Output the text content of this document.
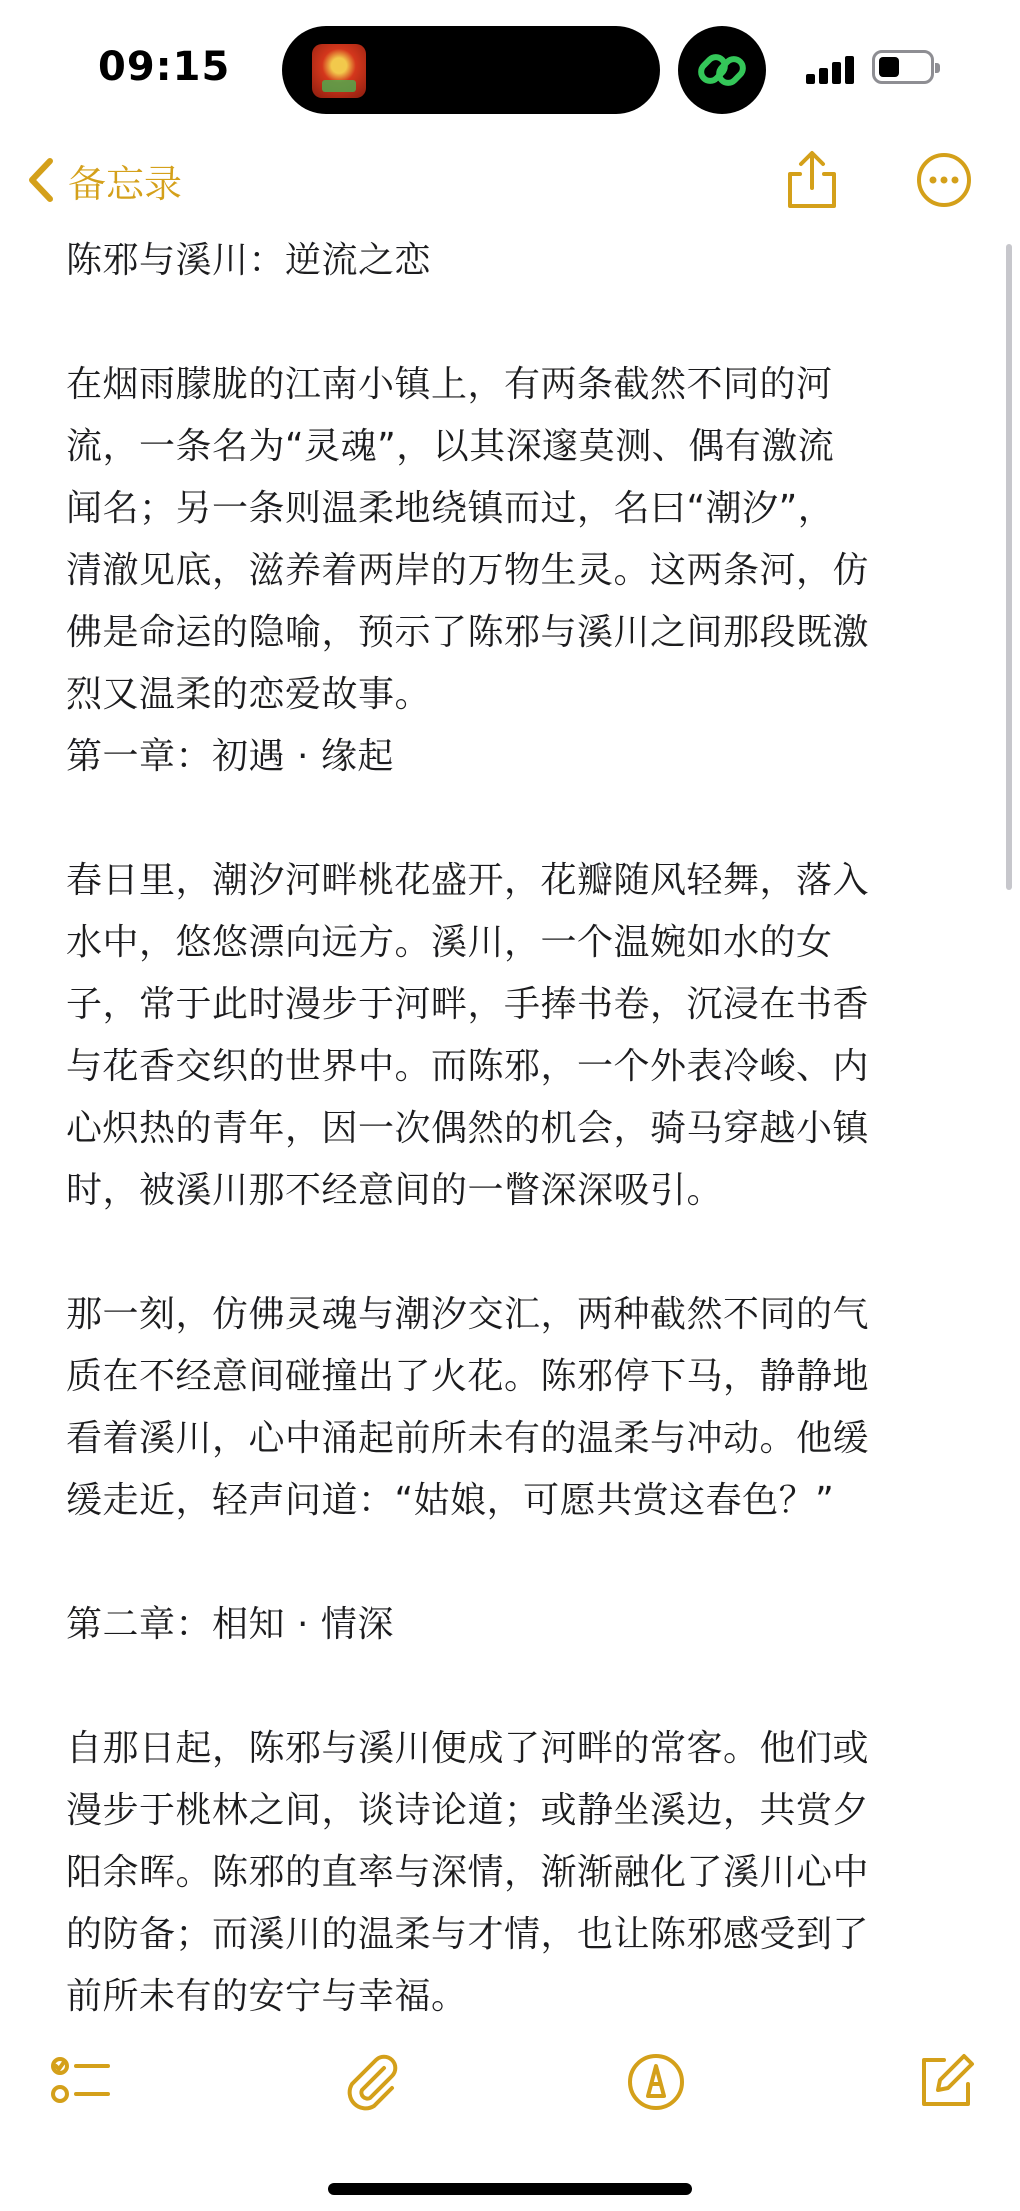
09:15
备忘录
陈邪与溪川：逆流之恋
在烟雨朦胧的江南小镇上，有两条截然不同的河
流，一条名为“灵魂”，以其深邃莫测、偶有激流
闻名；另一条则温柔地绕镇而过，名曰“潮汐”，
清澈见底，滋养着两岸的万物生灵。这两条河，仿
佛是命运的隐喻，预示了陈邪与溪川之间那段既激
烈又温柔的恋爱故事。
第一章：初遇 · 缘起
春日里，潮汐河畔桃花盛开，花瓣随风轻舞，落入
水中，悠悠漂向远方。溪川，一个温婉如水的女
子，常于此时漫步于河畔，手捧书卷，沉浸在书香
与花香交织的世界中。而陈邪，一个外表冷峻、内
心炽热的青年，因一次偶然的机会，骑马穿越小镇
时，被溪川那不经意间的一瞥深深吸引。
那一刻，仿佛灵魂与潮汐交汇，两种截然不同的气
质在不经意间碰撞出了火花。陈邪停下马，静静地
看着溪川，心中涌起前所未有的温柔与冲动。他缓
缓走近，轻声问道：“姑娘，可愿共赏这春色？”
第二章：相知 · 情深
自那日起，陈邪与溪川便成了河畔的常客。他们或
漫步于桃林之间，谈诗论道；或静坐溪边，共赏夕
阳余晖。陈邪的直率与深情，渐渐融化了溪川心中
的防备；而溪川的温柔与才情，也让陈邪感受到了
前所未有的安宁与幸福。
